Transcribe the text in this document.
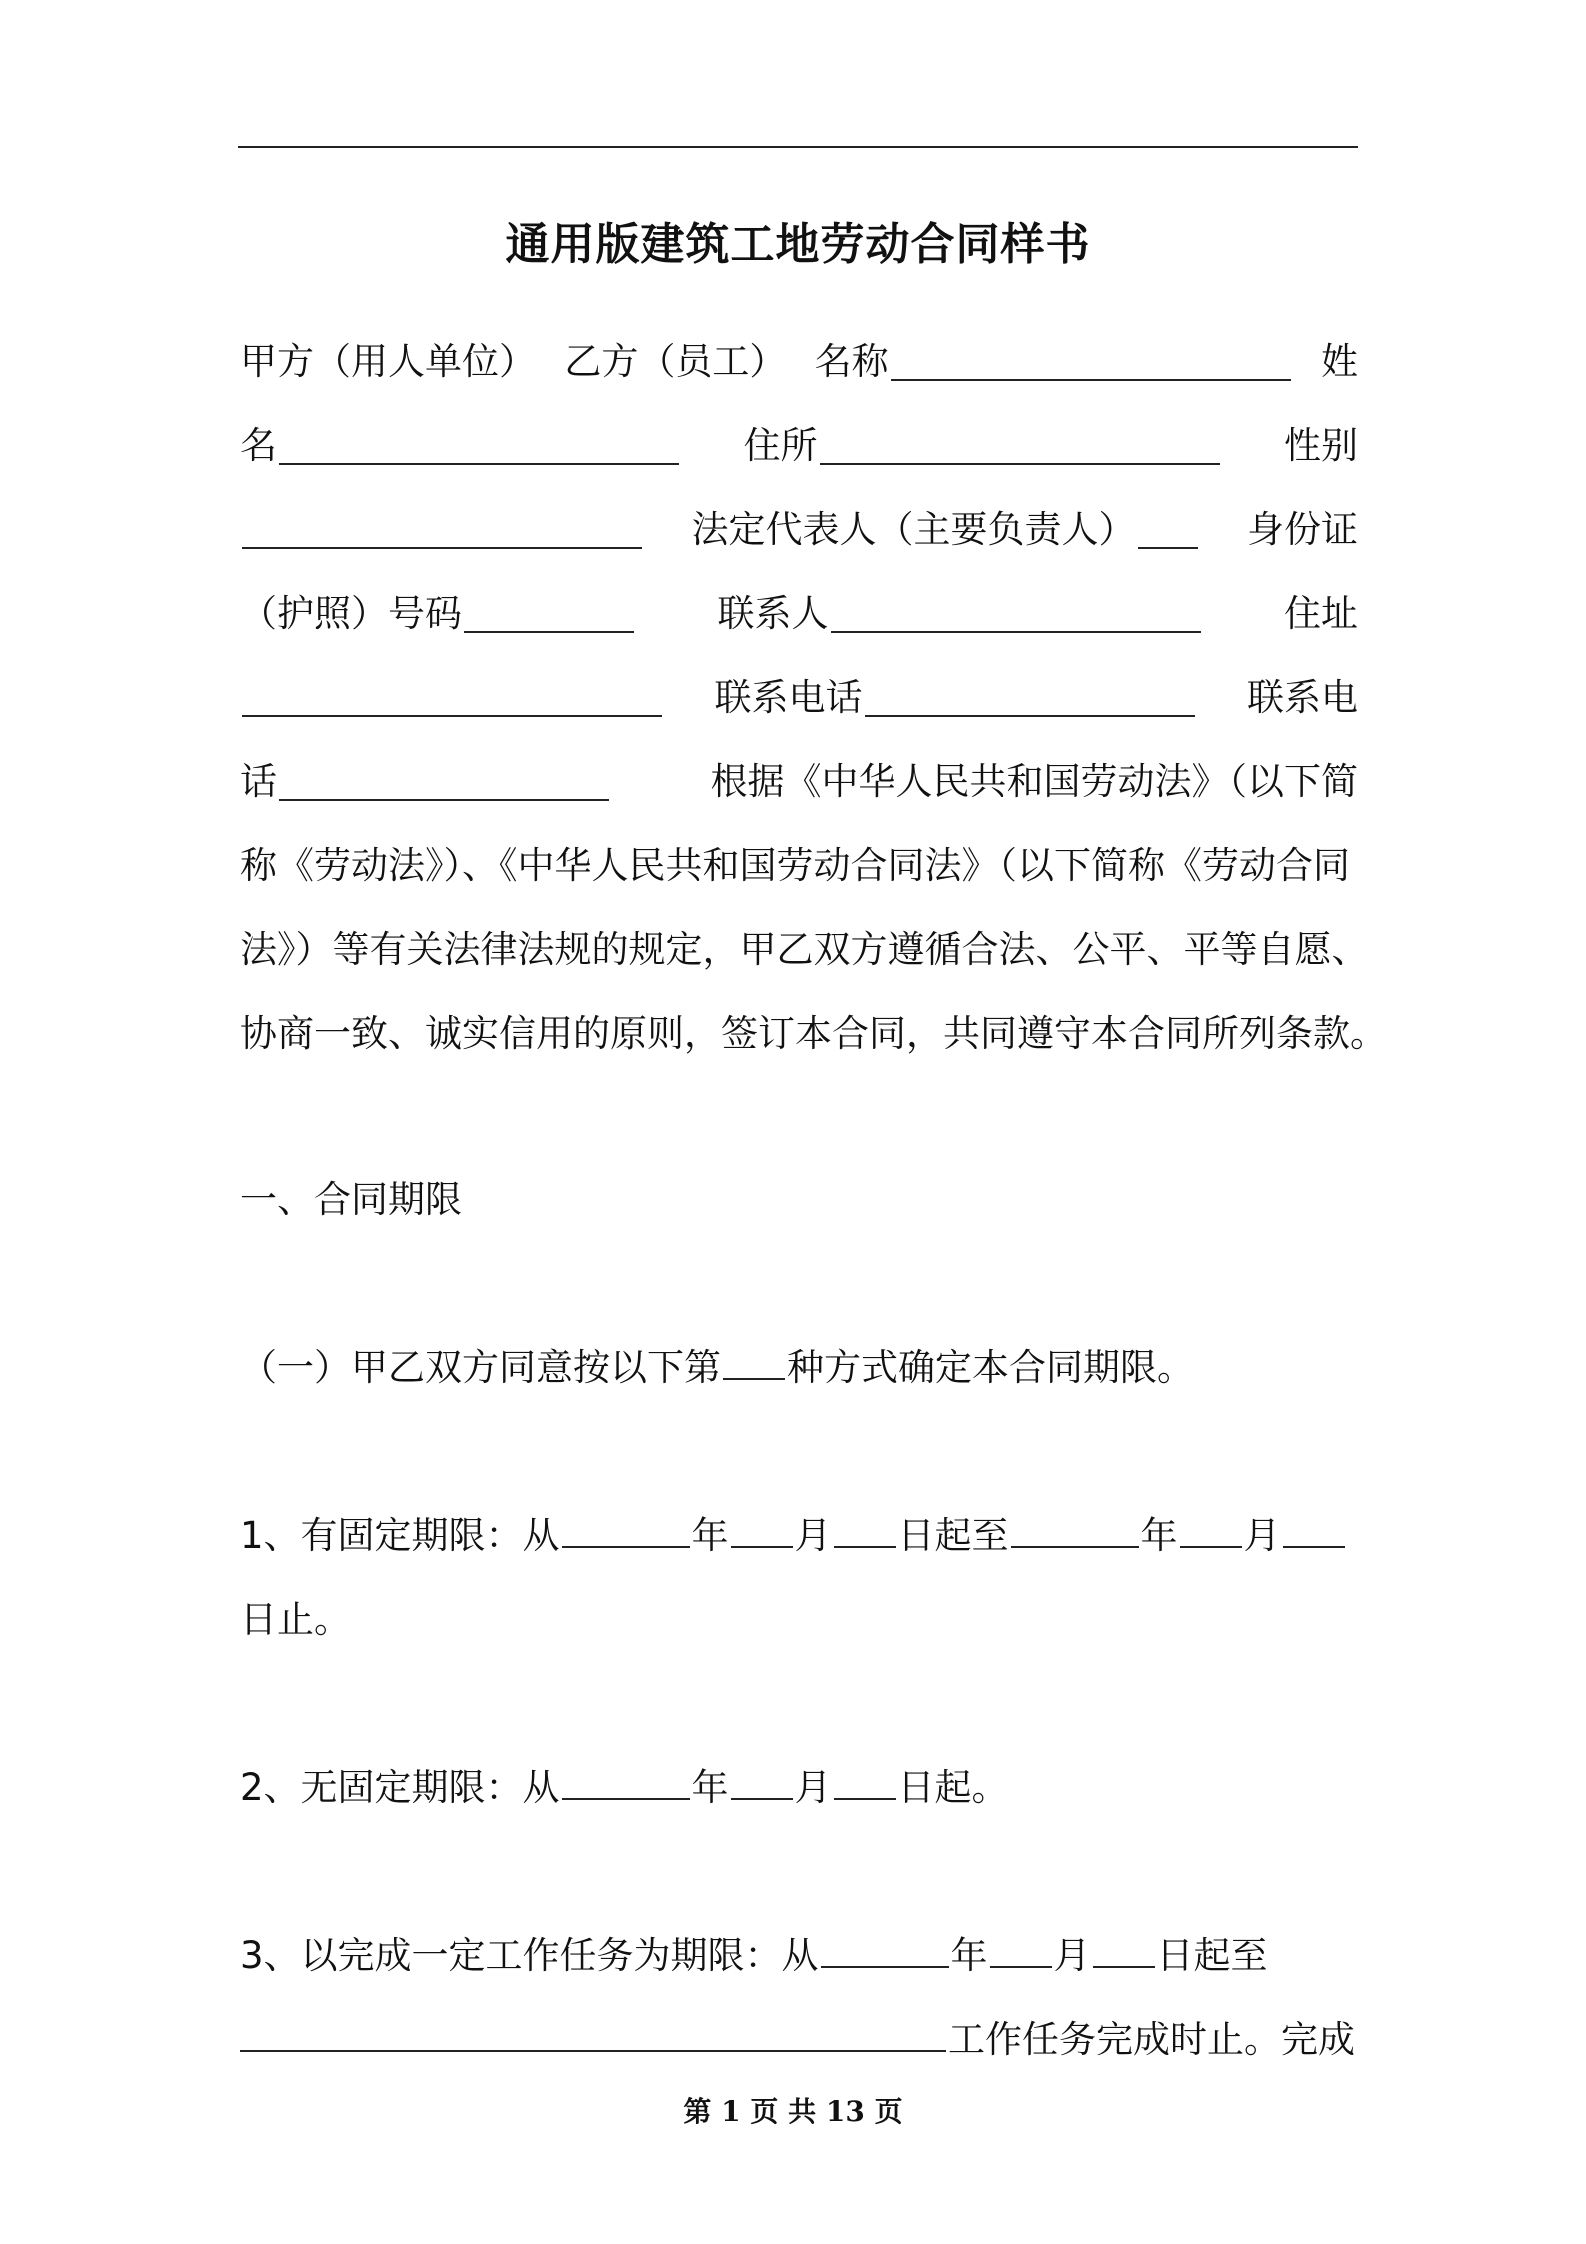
通用版建筑工地劳动合同样书
甲方（用人单位） 乙方（员工） 名称	姓
名	住所	性别
法定代表人（主要负责人）	身份证
（护照）号码	联系人	住址
联系电话	联系电
话	根据《中华人民共和国劳动法》（以下简
称《劳动法》）、《中华人民共和国劳动合同法》（以下简称《劳动合同
法》）等有关法律法规的规定，甲乙双方遵循合法、公平、平等自愿、
协商一致、诚实信用的原则，签订本合同，共同遵守本合同所列条款。
一、合同期限
（一）甲乙双方同意按以下第 种方式确定本合同期限。
1、有固定期限：从	年 月 日起至	年 月
日止。
2、无固定期限：从	年 月 日起。
3、以完成一定工作任务为期限：从	年 月 日起至
工作任务完成时止。完成
第 1 页 共 13 页
